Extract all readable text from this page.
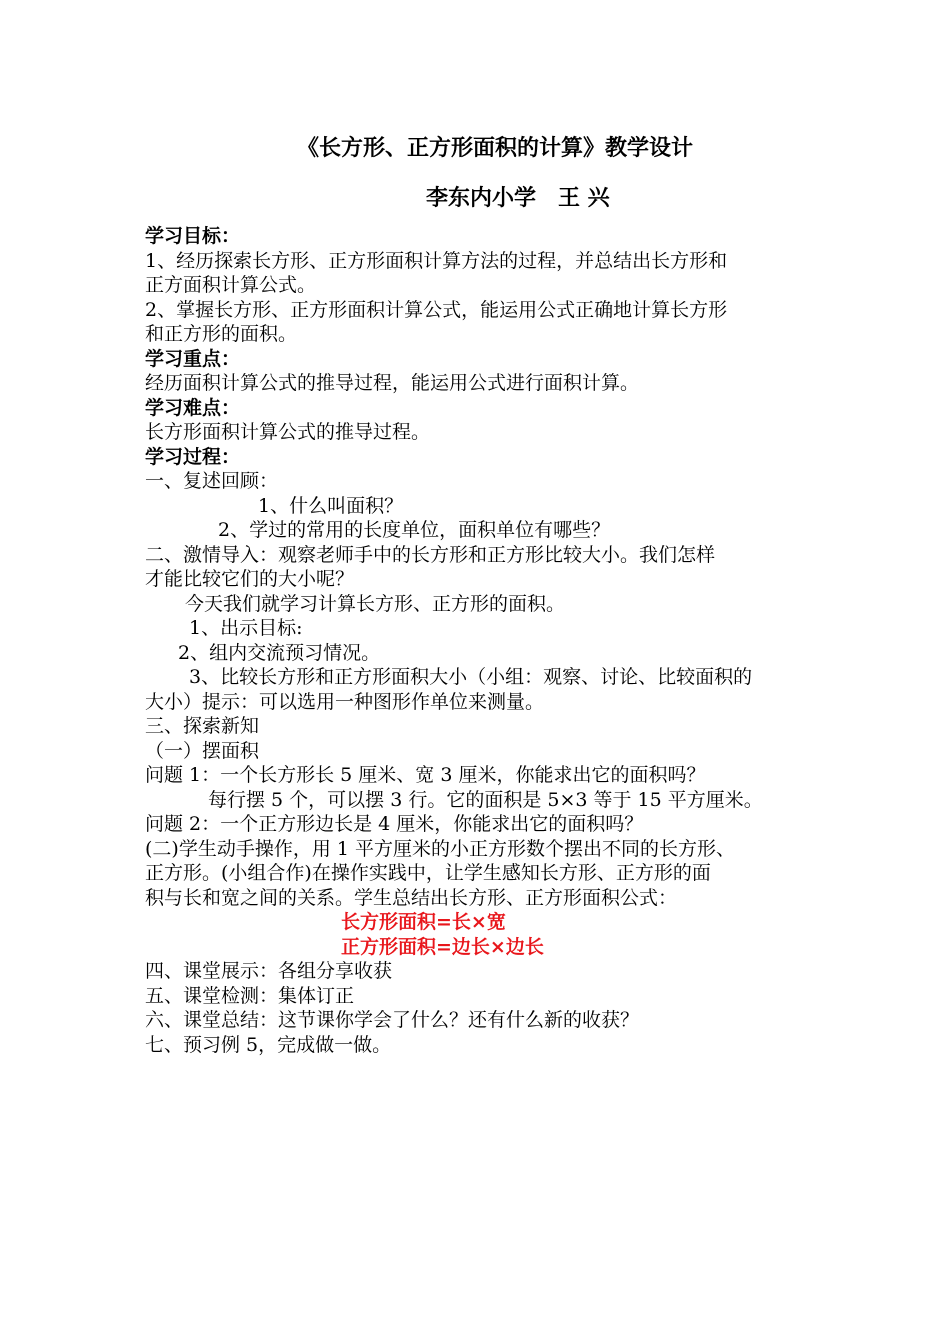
《长方形、正方形面积的计算》教学设计
李东内小学　王 兴
学习目标：
1、经历探索长方形、正方形面积计算方法的过程，并总结出长方形和
正方面积计算公式。
2、掌握长方形、正方形面积计算公式，能运用公式正确地计算长方形
和正方形的面积。
学习重点：
经历面积计算公式的推导过程，能运用公式进行面积计算。
学习难点：
长方形面积计算公式的推导过程。
学习过程：
一、复述回顾：
1、什么叫面积？
2、学过的常用的长度单位，面积单位有哪些？
二、激情导入：观察老师手中的长方形和正方形比较大小。我们怎样
才能比较它们的大小呢？
今天我们就学习计算长方形、正方形的面积。
1、出示目标:
2、组内交流预习情况。
3、比较长方形和正方形面积大小（小组：观察、讨论、比较面积的
大小）提示：可以选用一种图形作单位来测量。
三、探索新知
（一）摆面积
问题 1：一个长方形长 5 厘米、宽 3 厘米，你能求出它的面积吗？
每行摆 5 个，可以摆 3 行。它的面积是 5×3 等于 15 平方厘米。
问题 2：一个正方形边长是 4 厘米，你能求出它的面积吗？
(二)学生动手操作，用 1 平方厘米的小正方形数个摆出不同的长方形、
正方形。(小组合作)在操作实践中，让学生感知长方形、正方形的面
积与长和宽之间的关系。学生总结出长方形、正方形面积公式：
长方形面积=长×宽
正方形面积=边长×边长
四、课堂展示：各组分享收获
五、课堂检测：集体订正
六、课堂总结：这节课你学会了什么？还有什么新的收获？
七、预习例 5，完成做一做。
